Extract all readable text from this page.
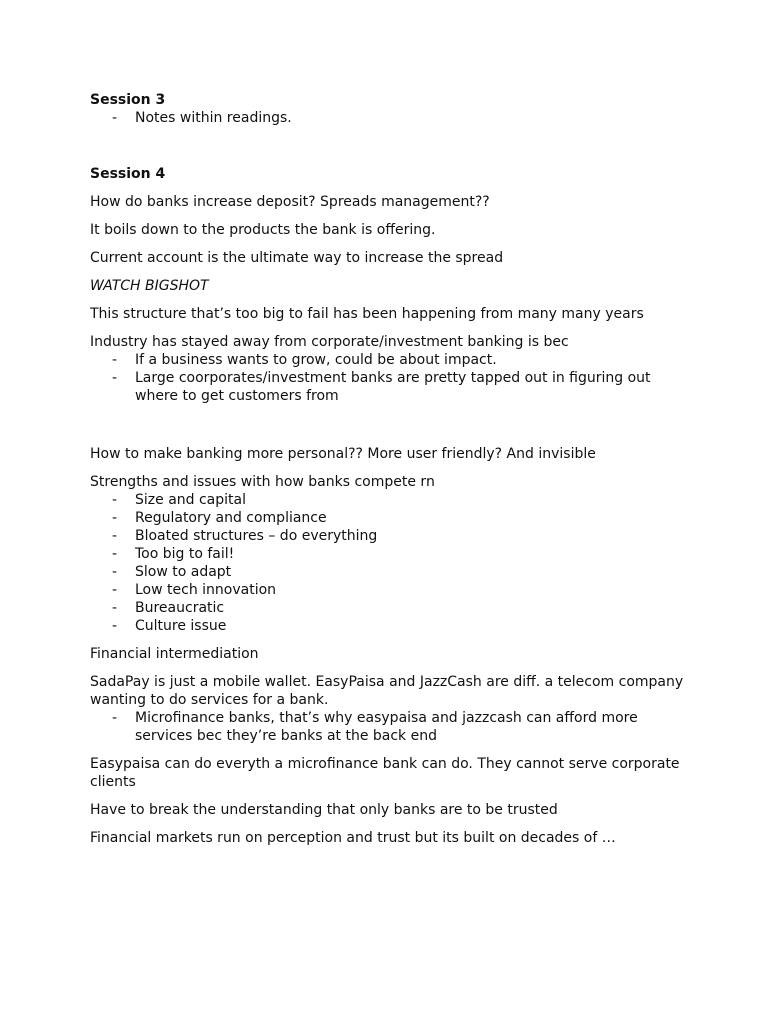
Session 3

- Notes within readings.

Session 4

How do banks increase deposit? Spreads management??

It boils down to the products the bank is offering.

Current account is the ultimate way to increase the spread

WATCH BIGSHOT

This structure that’s too big to fail has been happening from many many years

Industry has stayed away from corporate/investment banking is bec

- If a business wants to grow, could be about impact.
- Large coorporates/investment banks are pretty tapped out in figuring out where to get customers from

How to make banking more personal?? More user friendly? And invisible

Strengths and issues with how banks compete rn

- Size and capital
- Regulatory and compliance
- Bloated structures – do everything
- Too big to fail!
- Slow to adapt
- Low tech innovation
- Bureaucratic
- Culture issue

Financial intermediation

SadaPay is just a mobile wallet. EasyPaisa and JazzCash are diff. a telecom company wanting to do services for a bank.

- Microfinance banks, that’s why easypaisa and jazzcash can afford more services bec they’re banks at the back end

Easypaisa can do everyth a microfinance bank can do. They cannot serve corporate clients

Have to break the understanding that only banks are to be trusted

Financial markets run on perception and trust but its built on decades of …
